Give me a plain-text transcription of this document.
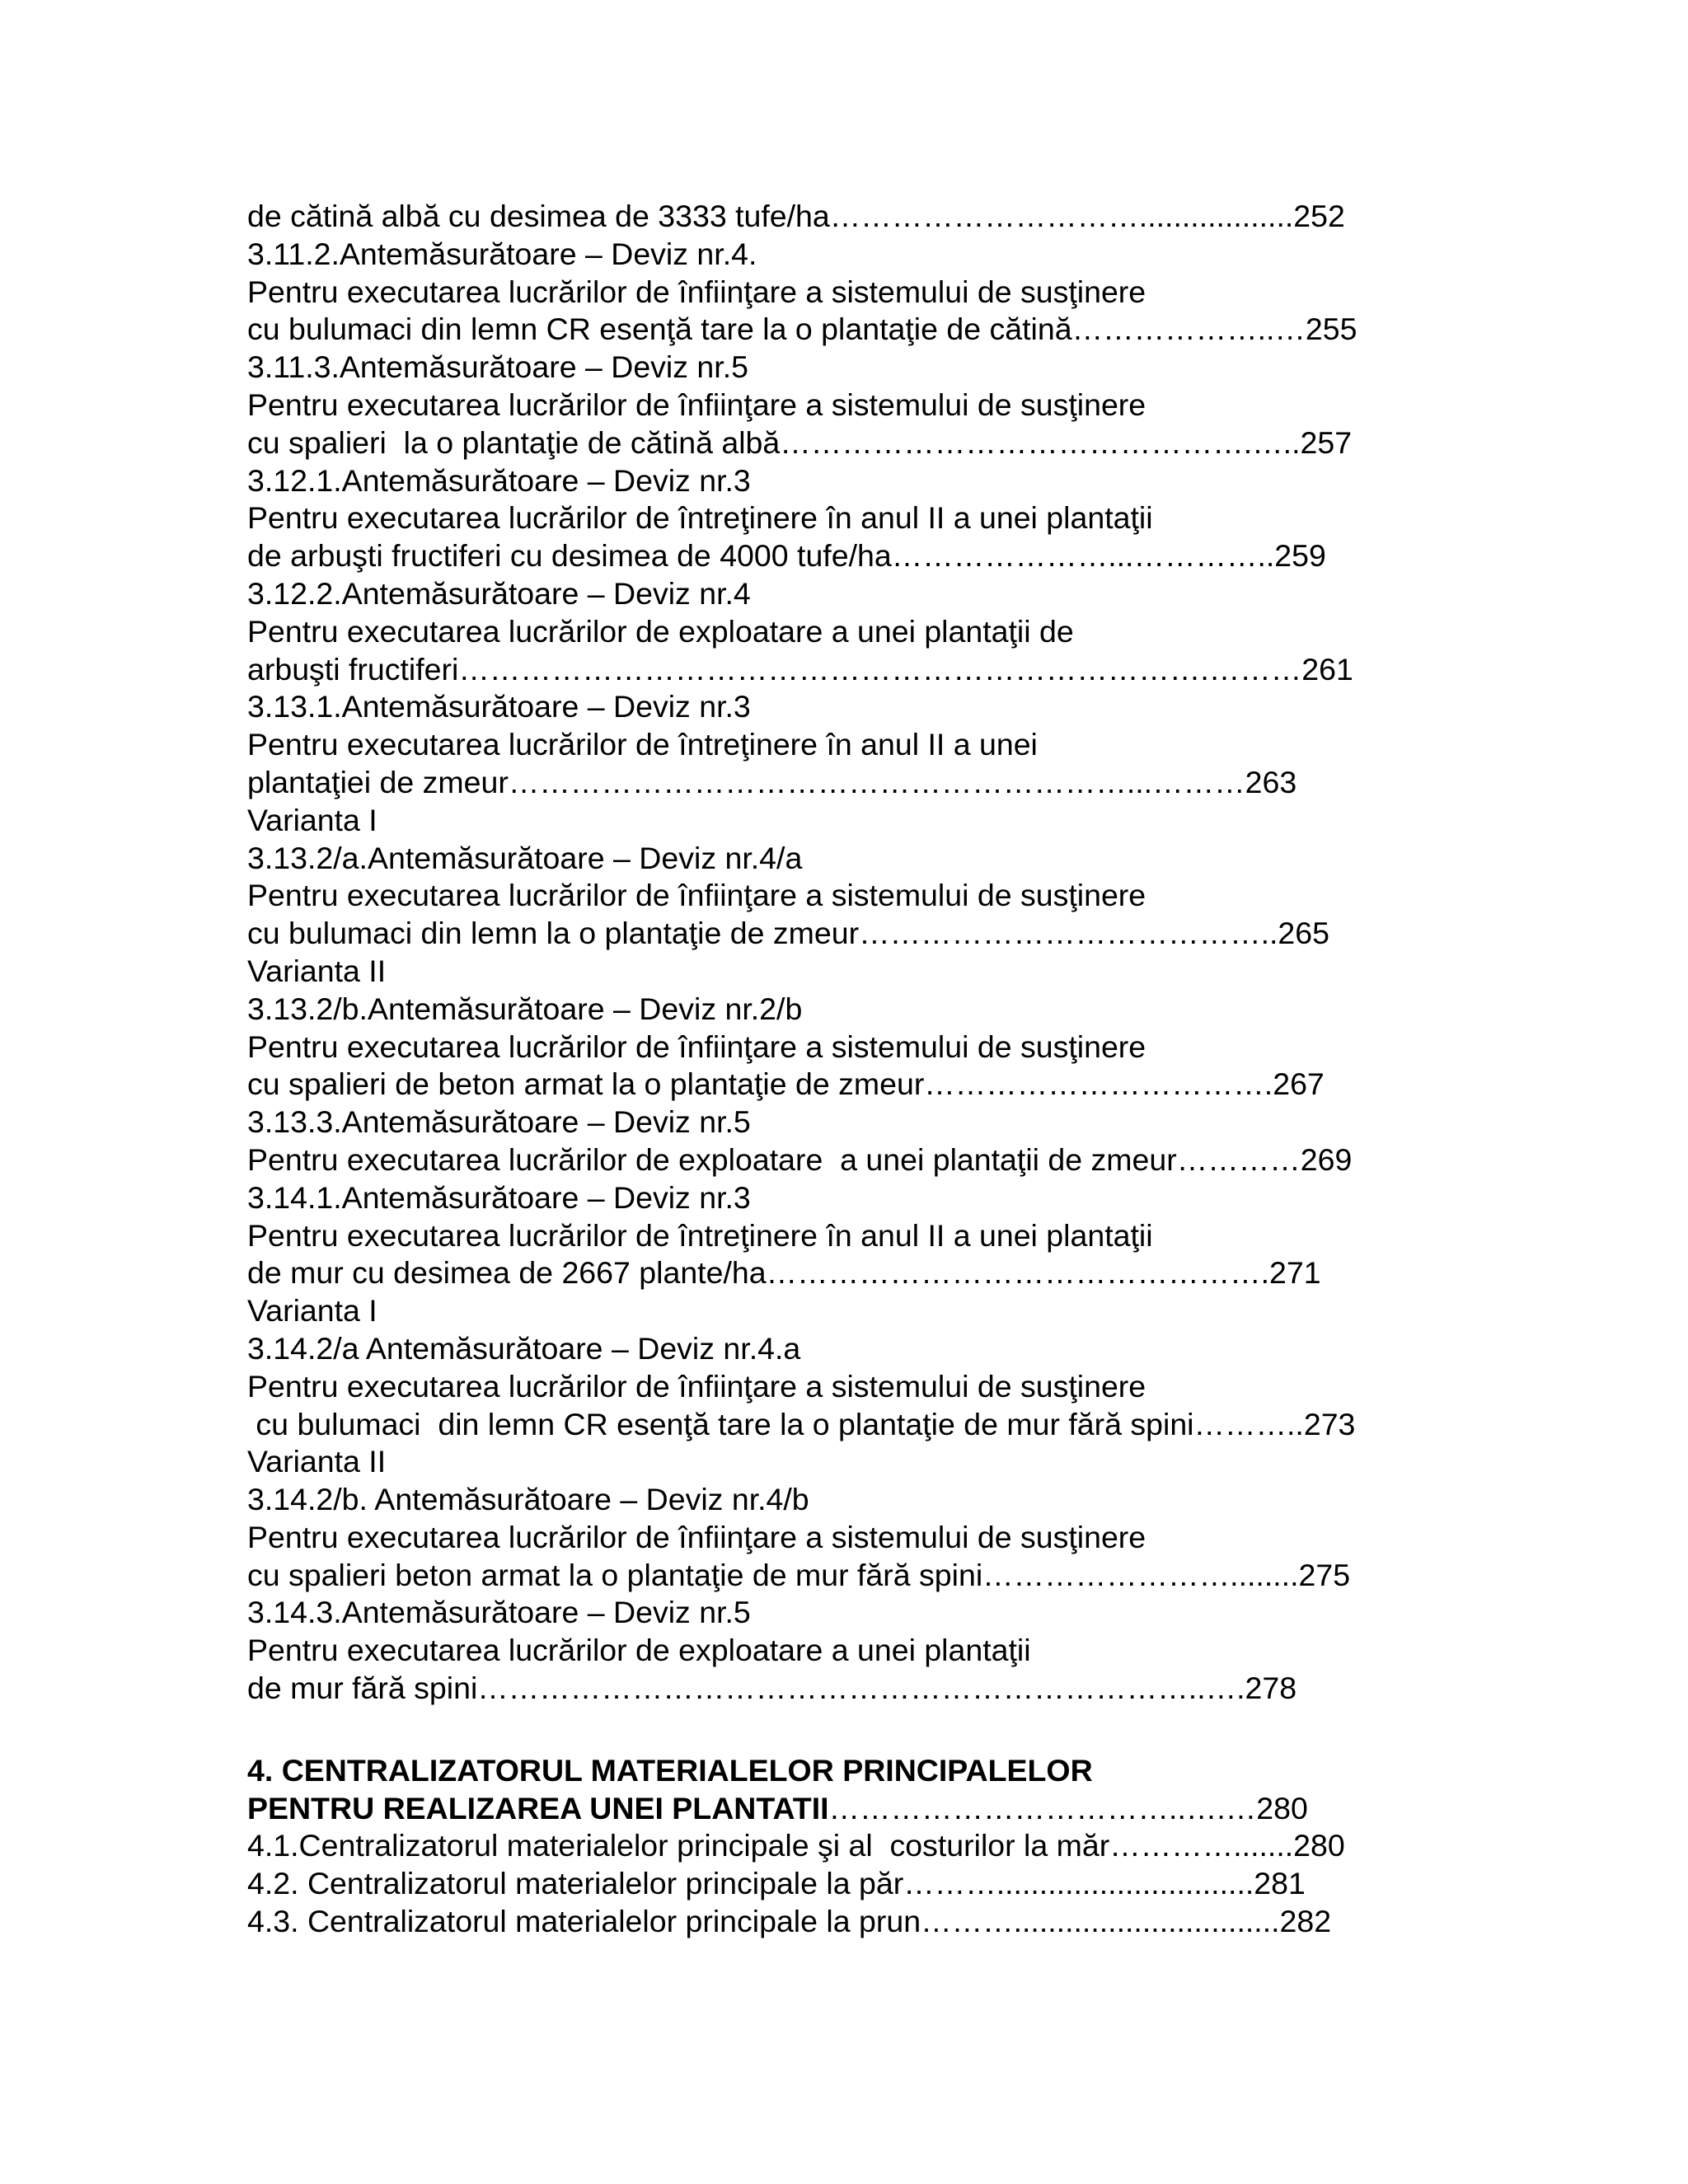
de cătină albă cu desimea de 3333 tufe/ha…………………………..................252
3.11.2.Antemăsurătoare – Deviz nr.4.
Pentru executarea lucrărilor de înfiinţare a sistemului de susţinere
cu bulumaci din lemn CR esenţă tare la o plantaţie de cătină………………..…255
3.11.3.Antemăsurătoare – Deviz nr.5
Pentru executarea lucrărilor de înfiinţare a sistemului de susţinere
cu spalieri  la o plantaţie de cătină albă……………………………………….…..257
3.12.1.Antemăsurătoare – Deviz nr.3
Pentru executarea lucrărilor de întreţinere în anul II a unei plantaţii
de arbuşti fructiferi cu desimea de 4000 tufe/ha…………………...…………..259
3.12.2.Antemăsurătoare – Deviz nr.4
Pentru executarea lucrărilor de exploatare a unei plantaţii de
arbuşti fructiferi……………………………………………………………….………261
3.13.1.Antemăsurătoare – Deviz nr.3
Pentru executarea lucrărilor de întreţinere în anul II a unei
plantaţiei de zmeur……………………………………………………...………263
Varianta I
3.13.2/a.Antemăsurătoare – Deviz nr.4/a
Pentru executarea lucrărilor de înfiinţare a sistemului de susţinere
cu bulumaci din lemn la o plantaţie de zmeur…………………………………..265
Varianta II
3.13.2/b.Antemăsurătoare – Deviz nr.2/b
Pentru executarea lucrărilor de înfiinţare a sistemului de susţinere
cu spalieri de beton armat la o plantaţie de zmeur…………………………….267
3.13.3.Antemăsurătoare – Deviz nr.5
Pentru executarea lucrărilor de exploatare  a unei plantaţii de zmeur…………269
3.14.1.Antemăsurătoare – Deviz nr.3
Pentru executarea lucrărilor de întreţinere în anul II a unei plantaţii
de mur cu desimea de 2667 plante/ha………………………………………….271
Varianta I
3.14.2/a Antemăsurătoare – Deviz nr.4.a
Pentru executarea lucrărilor de înfiinţare a sistemului de susţinere
cu bulumaci  din lemn CR esenţă tare la o plantaţie de mur fără spini………..273
Varianta II
3.14.2/b. Antemăsurătoare – Deviz nr.4/b
Pentru executarea lucrărilor de înfiinţare a sistemului de susţinere
cu spalieri beton armat la o plantaţie de mur fără spini……………………........275
3.14.3.Antemăsurătoare – Deviz nr.5
Pentru executarea lucrărilor de exploatare a unei plantaţii
de mur fără spini……………………………………………………………..….278
4. CENTRALIZATORUL MATERIALELOR PRINCIPALELOR
PENTRU REALIZAREA UNEI PLANTATII……………………………..….…280
4.1.Centralizatorul materialelor principale şi al  costurilor la măr………….......280
4.2. Centralizatorul materialelor principale la păr………..............................281
4.3. Centralizatorul materialelor principale la prun………...............................282
